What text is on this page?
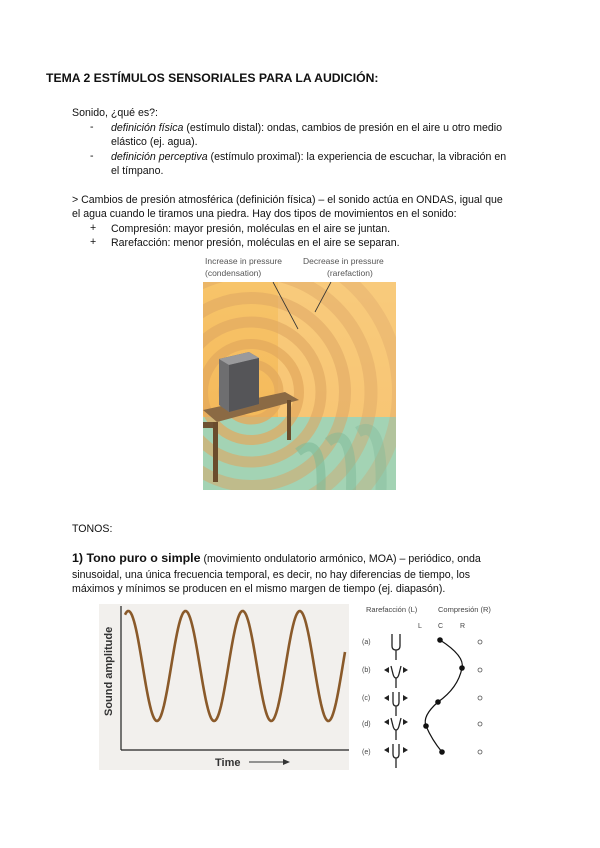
TEMA 2 ESTÍMULOS SENSORIALES PARA LA AUDICIÓN:
Sonido, ¿qué es?:
- definición física (estímulo distal): ondas, cambios de presión en el aire u otro medio
elástico (ej. agua).
- definición perceptiva (estímulo proximal): la experiencia de escuchar, la vibración en
el tímpano.
> Cambios de presión atmosférica (definición física) – el sonido actúa en ONDAS, igual que
el agua cuando le tiramos una piedra. Hay dos tipos de movimientos en el sonido:
+ Compresión: mayor presión, moléculas en el aire se juntan.
+ Rarefacción: menor presión, moléculas en el aire se separan.
Increase in pressure
(condensation)
Decrease in pressure
(rarefaction)
TONOS:
1) Tono puro o simple (movimiento ondulatorio armónico, MOA) – periódico, onda
sinusoidal, una única frecuencia temporal, es decir, no hay diferencias de tiempo, los
máximos y mínimos se producen en el mismo margen de tiempo (ej. diapasón).
Sound amplitude
Time
Rarefacción (L)	Compresión (R)
L C R
(a)
(b)
(c)
(d)
(e)
